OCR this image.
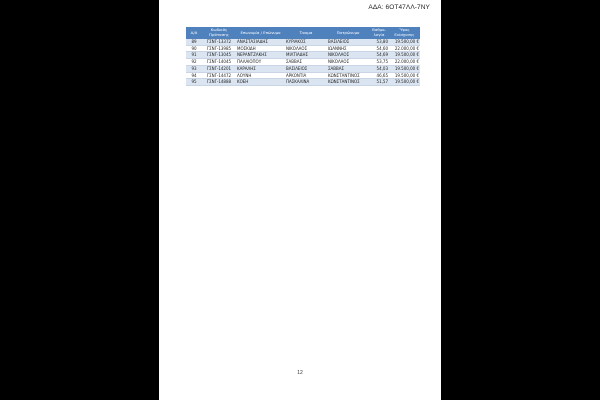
ΑΔΑ: 6ΟΤ47ΛΛ-7ΝΥ
Α/Α	Κωδικός Πρότασης	Επωνυμία / Επώνυμο	Όνομα	Πατρώνυμο	Βαθμο-λογία	Ύψος Ενίσχυσης
89	ΓΣΝΓ-13372	ΑΝΑΣΤΑΣΙΑΔΗΣ	ΚΥΡΙΑΚΟΣ	ΒΑΣΙΛΕΙΟΣ	53,80	19.500,00 €
90	ΓΣΝΓ-13985	ΜΟΣΚΙΔΗ	ΝΙΚΟΛΑΟΣ	ΙΩΑΝΝΗΣ	54,60	22.000,00 €
91	ΓΣΝΓ-13045	ΝΕΡΑΝΤΖΑΚΗΣ	ΜΙΛΤΙΑΔΗΣ	ΝΙΚΟΛΑΟΣ	54,69	19.500,00 €
92	ΓΣΝΓ-14045	ΠΑΛΑΙΟΠΟΥ	ΣΑΒΒΑΣ	ΝΙΚΟΛΑΟΣ	53,75	22.000,00 €
93	ΓΣΝΓ-14201	ΚΑΡΑΛΗΣ	ΒΑΣΙΛΕΙΟΣ	ΣΑΒΒΑΣ	54,03	19.500,00 €
94	ΓΣΝΓ-14472	ΛΟΥΝΗ	ΑΡΚΟΝΤΙΑ	ΚΩΝΣΤΑΝΤΙΝΟΣ	46,65	19.500,00 €
95	ΓΣΝΓ-14888	ΚΟΕΗ	ΠΑΣΚΑΛΙΝΑ	ΚΩΝΣΤΑΝΤΙΝΟΣ	51,57	19.500,00 €
12
